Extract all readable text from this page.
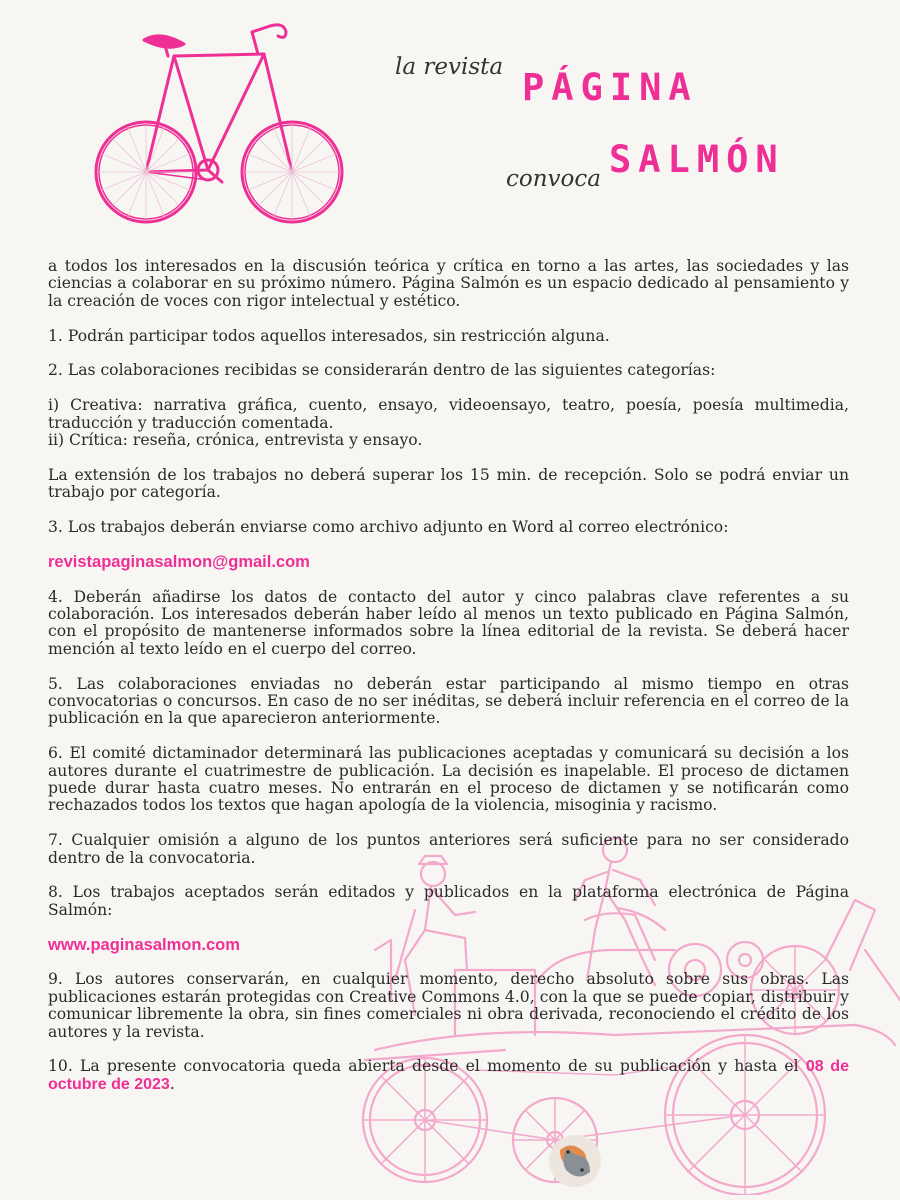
la revista PÁGINA
convoca SALMÓN

a todos los interesados en la discusión teórica y crítica en torno a las artes, las sociedades y las ciencias a colaborar en su próximo número. Página Salmón es un espacio dedicado al pensamiento y la creación de voces con rigor intelectual y estético.

1. Podrán participar todos aquellos interesados, sin restricción alguna.

2. Las colaboraciones recibidas se considerarán dentro de las siguientes categorías:

i) Creativa: narrativa gráfica, cuento, ensayo, videoensayo, teatro, poesía, poesía multimedia, traducción y traducción comentada.

ii) Crítica: reseña, crónica, entrevista y ensayo.

La extensión de los trabajos no deberá superar los 15 min. de recepción. Solo se podrá enviar un trabajo por categoría.

3. Los trabajos deberán enviarse como archivo adjunto en Word al correo electrónico:

revistapaginasalmon@gmail.com

4. Deberán añadirse los datos de contacto del autor y cinco palabras clave referentes a su colaboración. Los interesados deberán haber leído al menos un texto publicado en Página Salmón, con el propósito de mantenerse informados sobre la línea editorial de la revista. Se deberá hacer mención al texto leído en el cuerpo del correo.

5. Las colaboraciones enviadas no deberán estar participando al mismo tiempo en otras convocatorias o concursos. En caso de no ser inéditas, se deberá incluir referencia en el correo de la publicación en la que aparecieron anteriormente.

6. El comité dictaminador determinará las publicaciones aceptadas y comunicará su decisión a los autores durante el cuatrimestre de publicación. La decisión es inapelable. El proceso de dictamen puede durar hasta cuatro meses. No entrarán en el proceso de dictamen y se notificarán como rechazados todos los textos que hagan apología de la violencia, misoginia y racismo.

7. Cualquier omisión a alguno de los puntos anteriores será suficiente para no ser considerado dentro de la convocatoria.

8. Los trabajos aceptados serán editados y publicados en la plataforma electrónica de Página Salmón:

www.paginasalmon.com

9. Los autores conservarán, en cualquier momento, derecho absoluto sobre sus obras. Las publicaciones estarán protegidas con Creative Commons 4.0, con la que se puede copiar, distribuir y comunicar libremente la obra, sin fines comerciales ni obra derivada, reconociendo el crédito de los autores y la revista.

10. La presente convocatoria queda abierta desde el momento de su publicación y hasta el 08 de octubre de 2023.
